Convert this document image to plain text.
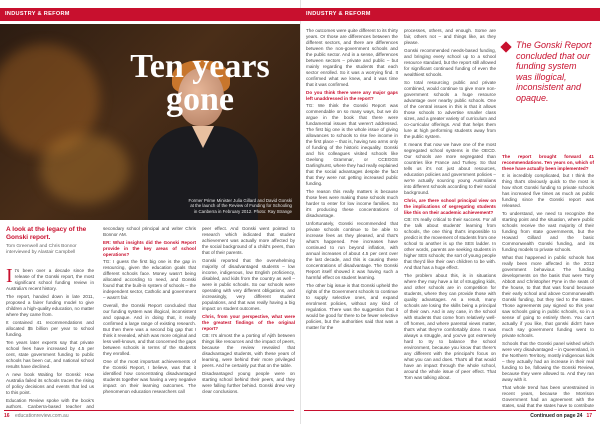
INDUSTRY & REFORM
Ten years gone
Former Prime Minister Julia Gillard and David Gonski at the launch of the Review of Funding for Schooling in Canberra in February 2012. Photo: Ray Strange
A look at the legacy of the Gonski report.
Tom Greenwell and Chris Bonnor interviewed by Alastair Campbell

It's been over a decade since the release of the Gonski report, the most significant school funding review in Australia's recent history.

The report, handed down in late 2011, proposed a fairer funding model to give children a high-quality education, no matter where they came from.

It contained 41 recommendations and allocated $5 billion per year to school funding.

Ten years later experts say that private school fees have increased by 4.5 per cent, state government funding to public schools has been cut, and national school results have declined.

A new book Waiting for Gonski: How Australia failed its schools traces the rising of policy decisions and events that led us to this point.

Education Review spoke with the book's authors, Canberra-based teacher and

secondary school principal and writer Chris Bonnor AM.

ER: What insights did the Gonski Report provide in the key areas of school operations?

TG: I guess the first big one is the gap in resourcing, given the education goals that different schools face. Money wasn't being allocated according to need, and Gonski found that the built-in system of schools – the independent sector, Catholic and government – wasn't fair.

Overall, the Gonski Report concluded that our funding system was illogical, inconsistent and opaque. And in doing that, it really confirmed a large range of existing research. But then there was a second big gap that I think it revealed, which was more original and less well-known, and that concerned the gaps between schools in terms of the students they enrolled.

One of the most important achievements of the Gonski Report, I believe, was that it identified how concentrating disadvantaged students together was having a very negative impact on their learning outcomes. The phenomenon education researchers call

peer effect. And Gonski went pointed to research which indicated that student achievement was actually more affected by the social background of a child's peers, than that of their parents.

Gonski reported that the overwhelming majority of disadvantaged students – low income, indigenous, low English proficiency, disabled, and kids from the country as well – were in public schools. So our schools were operating with very different obligations, and increasingly, very different student populations, and that was really having a big impact on student outcomes.

Chris, from your perspective, what were the greatest findings of the original report?

CB: It's almost the a porting of Ajith between things like resources and the impact of peers, because the review revealed that disadvantaged students, with these years of learning, were behind their more privileged peers. And he certainly put that on the table.

Disadvantaged young people were on starting school behind their peers, and they were falling further behind. Gonski drew very clear conclusions.

16 educationreview.com.au
INDUSTRY & REFORM

The outcomes were quite different to its thirty years. Or those are differences between the different sectors, and there are differences between the non-government schools and the public sector. And in a sense, differences between sectors – private and public – but mainly regarding the students that each sector enrolled. So it was a worrying find. It confirmed what we knew, and it was time that it was confirmed.

Do you think there were any major gaps left unaddressed in the report?

TG: We think the Gonski Report was commendable on so many ways, but we do argue in the book that there were fundamental issues that weren't addressed. The first big one is the whole issue of giving allowances to schools to rise fee income in the first place – that is, having two arms only of funding of the historic inequality. Gonski and his colleagues visited schools like Geelong Grammar, or CCEGGS Darlinghurst, where they had really explained that the social advantages despite the fact that they were not getting increased public funding.

The reason this really matters is because those fees were making those schools much harder to enter for low income families. So it's producing these concentrations of disadvantage.

Unfortunately, Gonski recommended that private schools continue to be able to increase fees as they pleased, and that's what's happened. Fee increases have continued to run beyond inflation, with annual increases of about 4.5 per cent over the last decade, and this is causing these concentrations of disadvantage. The Gonski Report itself showed it was having such a harmful effect on student learning.

The other big issue is that Gonski upheld the rights of the Government schools to continue to supply selective ones, and expand enrolment policies, without any kind of regulation. There was the suggestion that it would be good for there to be fewer selective policies, but the authorities said that was a matter for the

processes, others, and enough. Some are fair, others not – and things like, as they please.

Gonski recommended needs-based funding, and bringing every school up to a school resource standard, but the report still allowed for significant continued funding of even the wealthiest schools.

So total resourcing public and private combined, would continue to give more non-government schools a huge resource advantage over nearby public schools. One of the central issues in this is that it allows those schools to advertise smaller class sizes, and a greater variety of curriculum and co-curricular offerings. And that helps them lure at high performing students away from the public system.

It means that now we have one of the most segregated school systems in the OECD. Our schools are more segregated than countries like France and Turkey. So that tells us it's not just about resources, education policies and government policies – we're actually sourcing young Australians into different schools according to their social background.

Chris, are there school principal view on the implications of segregating students like this on their academic achievement?

CB: It's really critical to their success. For all the talk about students' learning from schools, the one thing that's impossible to predict is the movement of students from one school to another is up the SES ladder. In other words, parents are seeking students in higher SES schools; the sort of young people that they'd like their own children to be with. And that has a huge effect.

The problem about this, is in situations where they may have a lot of struggling kids, and other schools are in competition for students, where they can provide those with quality advantages. As a result, many schools are losing the skills being a principal of their own. And in any case, in the school with students that come from relatively well-off homes, and where parental views matter, that's what they're comfortably done. It was always a struggle, and you've got extremely hard to try to balance the school environment, because you know that there's any different with the principal's focus on what you can and does. That's all that would have an impact through the whole school, around the whole issue of peer effect. That Tom was talking about.

The Gonski Report concluded that our funding system was illogical, inconsistent and opaque.
The report brought forward 41 recommendations. Ten years on, which of these have actually been implemented?

It is incredibly complicated, but I think the thing that's obviously quick to the most is how short Gonski funding to private schools has increased five times as much as public funding since the Gonski report was released.

To understand, we need to recognize the starting point and the situation, where public schools receive the vast majority of their funding from state governments, but the Howard Gillard and the basic Commonwealth Gonski funding, and its funding models to private schools.

What that happened in public schools has really been more affected in the 2012 government behaviour. The funding developments on the basis that were Tony Abbott and Christopher Pyne in the seats of the house, to that that was found because their early school and above Commonwealth Gonski funding, but they tied to the states. Those agreements pay signed so this year saw schools going in public schools, so in a sense of going to entirely them. You can't actually if you like, that gonski didn't have much say government funding went to private schools.

Schools that the Gonski panel wished which were very disadvantaged – in Queensland, in the Northern Territory, mostly indigenous kids – they actually had an increase in their real funding to be, following the Gonski Review, because they were allowed to. And they ran away with it.

That whole trend has been unrestrained in recent years, because the Morrison Government had an agreement with the states, said that the states have to contribute

Continued on page 24 17
